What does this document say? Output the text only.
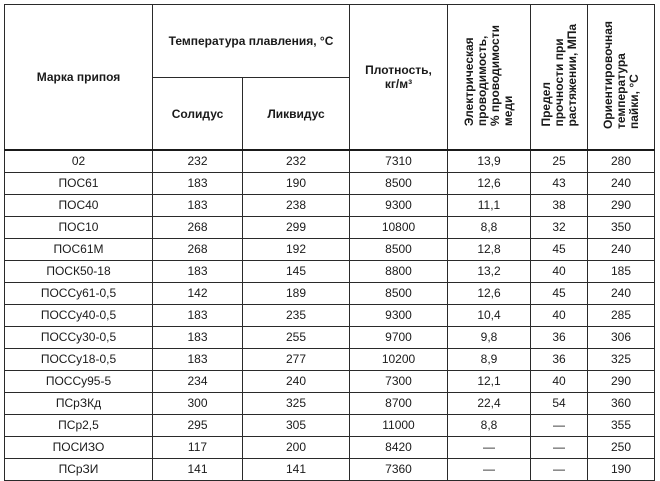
Марка припоя	Температура плавления, °С		Плотность, кг/м³	Электрическая
проводимость,
% проводимости
меди	Предел
прочности при
растяжении, МПа	Ориентировочная
температура
пайки, °С
	Солидус	Ликвидус				
02	232	232	7310	13,9	25	280
ПОС61	183	190	8500	12,6	43	240
ПОС40	183	238	9300	11,1	38	290
ПОС10	268	299	10800	8,8	32	350
ПОС61М	268	192	8500	12,8	45	240
ПОСК50-18	183	145	8800	13,2	40	185
ПОССу61-0,5	142	189	8500	12,6	45	240
ПОССу40-0,5	183	235	9300	10,4	40	285
ПОССу30-0,5	183	255	9700	9,8	36	306
ПОССу18-0,5	183	277	10200	8,9	36	325
ПОССу95-5	234	240	7300	12,1	40	290
ПСрЗКд	300	325	8700	22,4	54	360
ПСр2,5	295	305	11000	8,8	—	355
ПОСИЗО	117	200	8420	—	—	250
ПСрЗИ	141	141	7360	—	—	190
